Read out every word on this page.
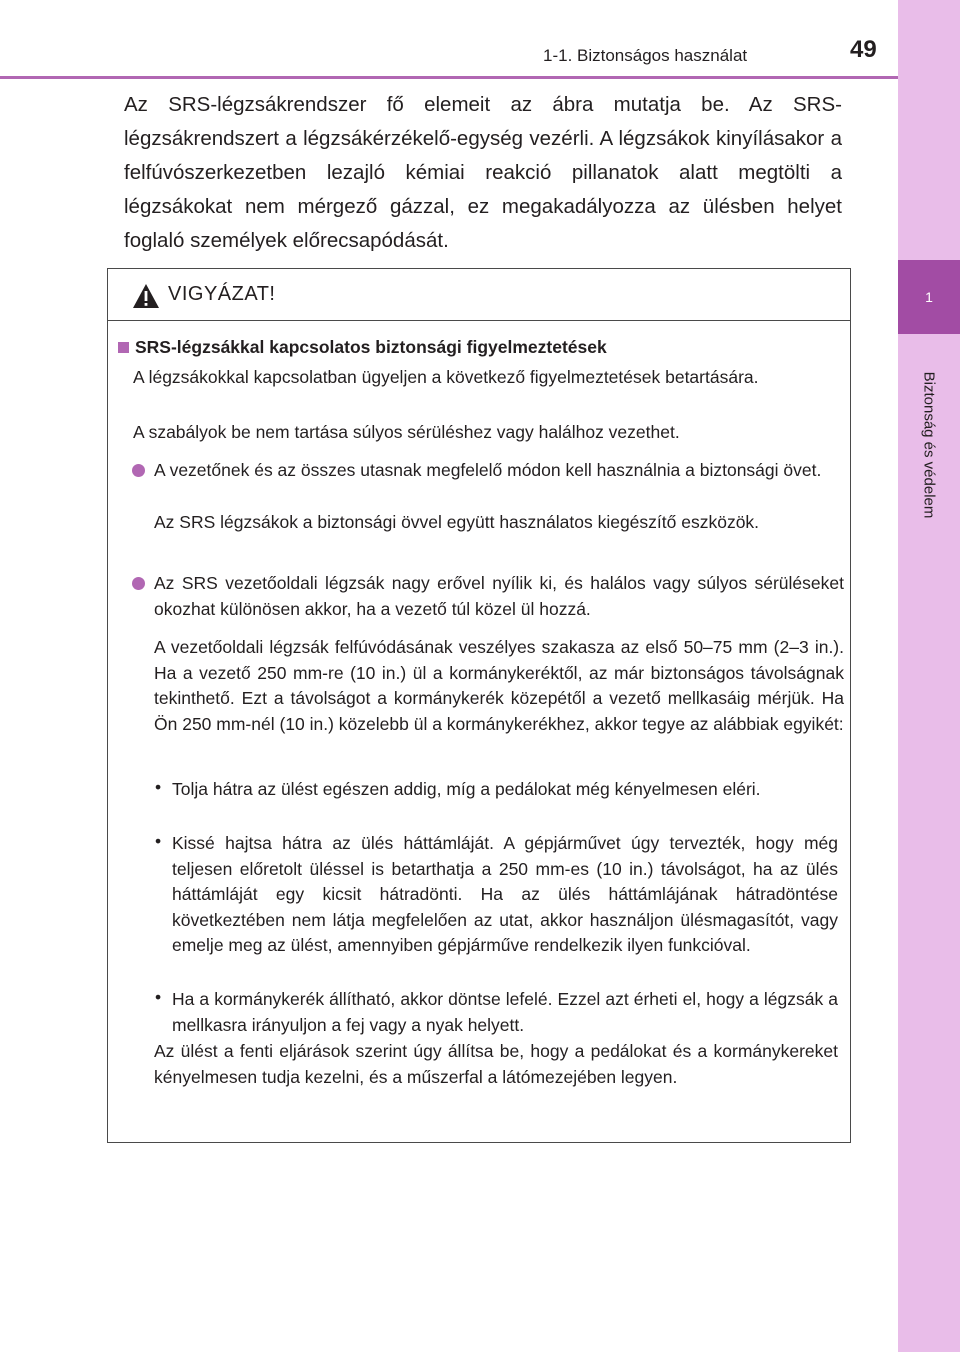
1
Biztonság és védelem
1-1. Biztonságos használat	49
Az SRS-légzsákrendszer fő elemeit az ábra mutatja be. Az SRS-légzsákrendszert a légzsákérzékelő-egység vezérli. A légzsákok kinyílásakor a felfúvószerkezetben lezajló kémiai reakció pillanatok alatt megtölti a légzsákokat nem mérgező gázzal, ez megakadályozza az ülésben helyet foglaló személyek előrecsapódását.
VIGYÁZAT!
SRS-légzsákkal kapcsolatos biztonsági figyelmeztetések
A légzsákokkal kapcsolatban ügyeljen a következő figyelmeztetések betartására.
A szabályok be nem tartása súlyos sérüléshez vagy halálhoz vezethet.
A vezetőnek és az összes utasnak megfelelő módon kell használnia a biztonsági övet.
Az SRS légzsákok a biztonsági övvel együtt használatos kiegészítő eszközök.
Az SRS vezetőoldali légzsák nagy erővel nyílik ki, és halálos vagy súlyos sérüléseket okozhat különösen akkor, ha a vezető túl közel ül hozzá.
A vezetőoldali légzsák felfúvódásának veszélyes szakasza az első 50–75 mm (2–3 in.). Ha a vezető 250 mm-re (10 in.) ül a kormánykeréktől, az már biztonságos távolságnak tekinthető. Ezt a távolságot a kormánykerék közepétől a vezető mellkasáig mérjük. Ha Ön 250 mm-nél (10 in.) közelebb ül a kormánykerékhez, akkor tegye az alábbiak egyikét:
• Tolja hátra az ülést egészen addig, míg a pedálokat még kényelmesen eléri.
• Kissé hajtsa hátra az ülés háttámláját. A gépjárművet úgy tervezték, hogy még teljesen előretolt üléssel is betarthatja a 250 mm-es (10 in.) távolságot, ha az ülés háttámláját egy kicsit hátradönti. Ha az ülés háttámlájának hátradöntése következtében nem látja megfelelően az utat, akkor használjon ülésmagasítót, vagy emelje meg az ülést, amennyiben gépjárműve rendelkezik ilyen funkcióval.
• Ha a kormánykerék állítható, akkor döntse lefelé. Ezzel azt érheti el, hogy a légzsák a mellkasra irányuljon a fej vagy a nyak helyett.
Az ülést a fenti eljárások szerint úgy állítsa be, hogy a pedálokat és a kormánykereket kényelmesen tudja kezelni, és a műszerfal a látómezejében legyen.
